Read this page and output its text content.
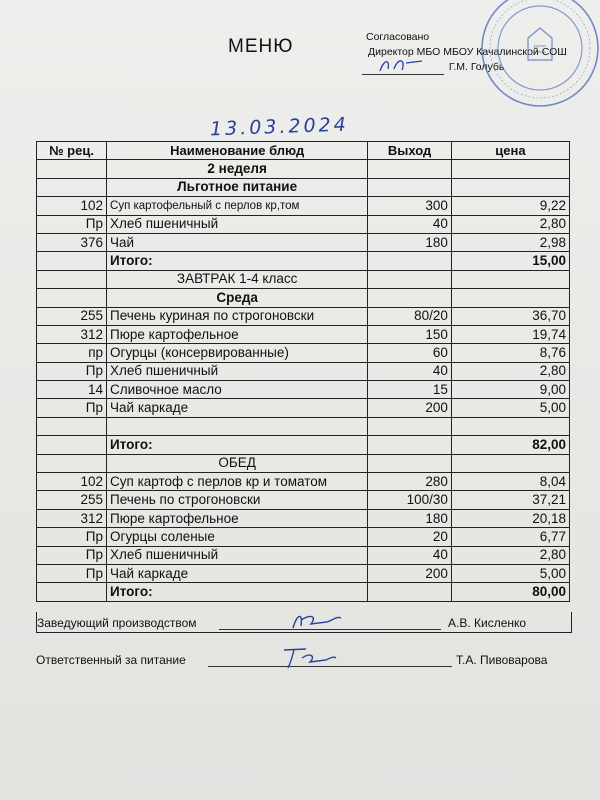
МЕНЮ	Согласовано
Директор МБО МБОУ Качалинской СОШ
Г.М. Голубь
13.03.2024
№ рец.	Наименование блюд	Выход	цена
	2 неделя		
	Льготное питание		
102	Суп картофельный с перлов кр,том	300	9,22
Пр	Хлеб пшеничный	40	2,80
376	Чай	180	2,98
	Итого:		15,00
	ЗАВТРАК 1-4 класс		
	Среда		
255	Печень куриная по строгоновски	80/20	36,70
312	Пюре картофельное	150	19,74
пр	Огурцы (консервированные)	60	8,76
Пр	Хлеб пшеничный	40	2,80
14	Сливочное масло	15	9,00
Пр	Чай каркаде	200	5,00

	Итого:		82,00
	ОБЕД		
102	Суп картоф с перлов кр и томатом	280	8,04
255	Печень по строгоновски	100/30	37,21
312	Пюре картофельное	180	20,18
Пр	Огурцы соленые	20	6,77
Пр	Хлеб пшеничный	40	2,80
Пр	Чай каркаде	200	5,00
	Итого:		80,00
Заведующий производством	А.В. Кисленко
Ответственный за питание	Т.А. Пивоварова
